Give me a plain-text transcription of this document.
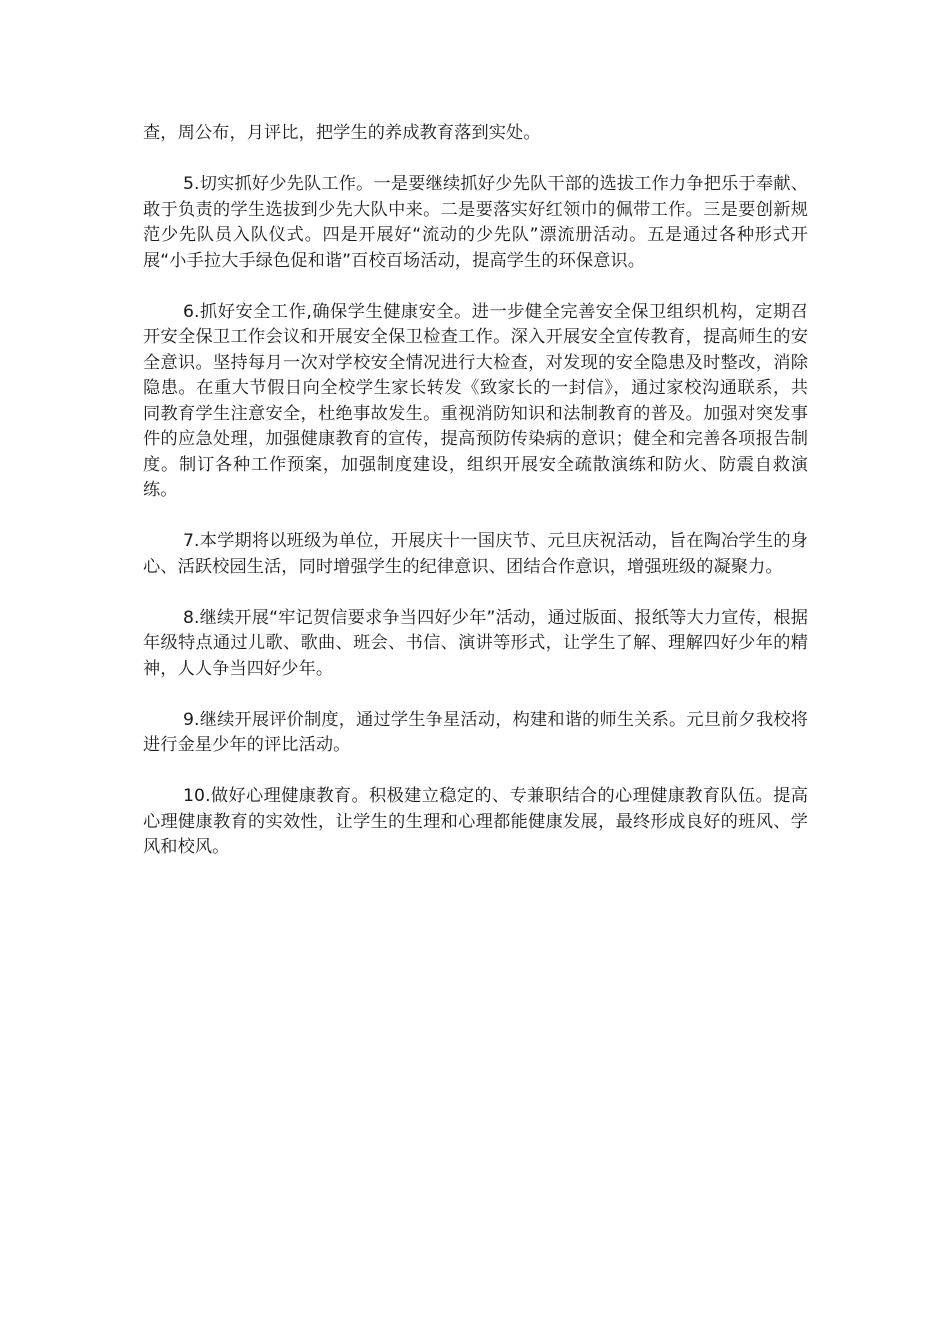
查，周公布，月评比，把学生的养成教育落到实处。

5.切实抓好少先队工作。一是要继续抓好少先队干部的选拔工作力争把乐于奉献、敢于负责的学生选拔到少先大队中来。二是要落实好红领巾的佩带工作。三是要创新规范少先队员入队仪式。四是开展好“流动的少先队”漂流册活动。五是通过各种形式开展“小手拉大手绿色促和谐”百校百场活动，提高学生的环保意识。

6.抓好安全工作,确保学生健康安全。进一步健全完善安全保卫组织机构，定期召开安全保卫工作会议和开展安全保卫检查工作。深入开展安全宣传教育，提高师生的安全意识。坚持每月一次对学校安全情况进行大检查，对发现的安全隐患及时整改，消除隐患。在重大节假日向全校学生家长转发《致家长的一封信》，通过家校沟通联系，共同教育学生注意安全，杜绝事故发生。重视消防知识和法制教育的普及。加强对突发事件的应急处理，加强健康教育的宣传，提高预防传染病的意识；健全和完善各项报告制度。制订各种工作预案，加强制度建设，组织开展安全疏散演练和防火、防震自救演练。

7.本学期将以班级为单位，开展庆十一国庆节、元旦庆祝活动，旨在陶冶学生的身心、活跃校园生活，同时增强学生的纪律意识、团结合作意识，增强班级的凝聚力。

8.继续开展“牢记贺信要求争当四好少年”活动，通过版面、报纸等大力宣传，根据年级特点通过儿歌、歌曲、班会、书信、演讲等形式，让学生了解、理解四好少年的精神，人人争当四好少年。

9.继续开展评价制度，通过学生争星活动，构建和谐的师生关系。元旦前夕我校将进行金星少年的评比活动。

10.做好心理健康教育。积极建立稳定的、专兼职结合的心理健康教育队伍。提高心理健康教育的实效性，让学生的生理和心理都能健康发展，最终形成良好的班风、学风和校风。
